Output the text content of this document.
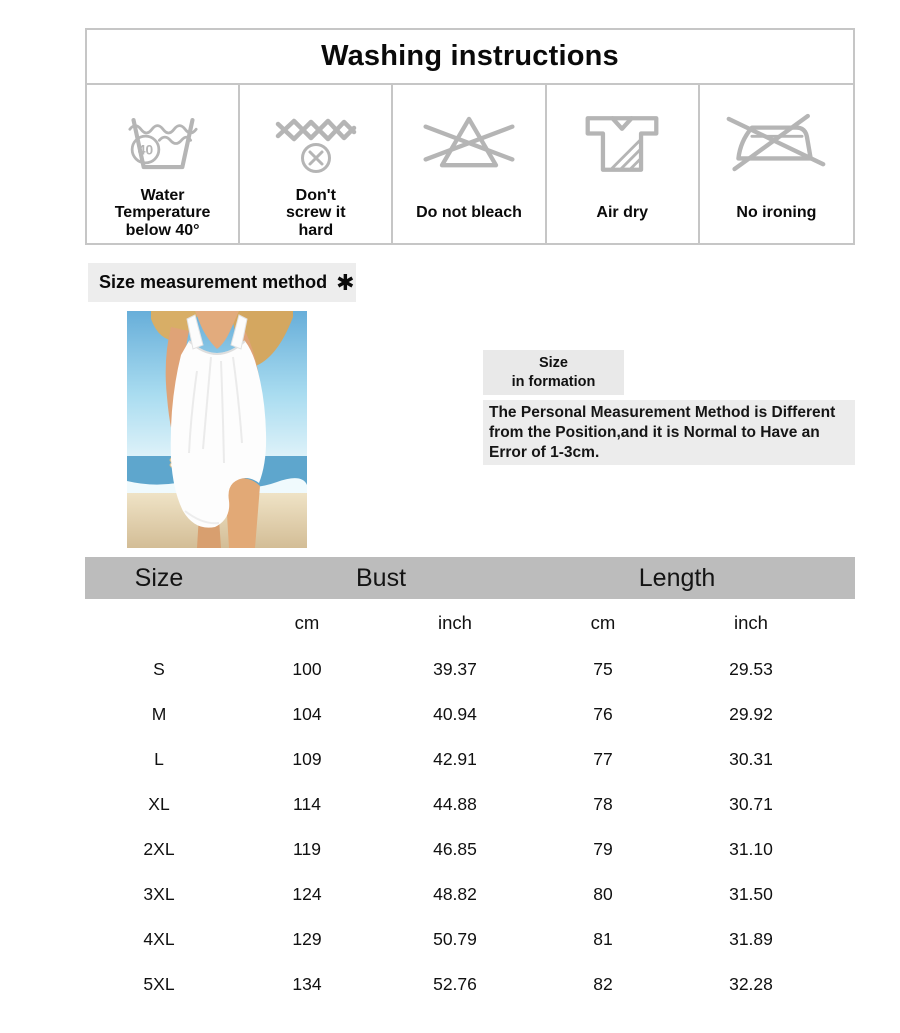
Washing instructions
40
Water
Temperature
below 40°
Don't
screw it
hard
Do not bleach	Air dry	No ironing
Size measurement method ✱
Size
in formation
The Personal Measurement Method is Different from the Position,and it is Normal to Have an Error of 1-3cm.
Size	Bust	Length
cm	inch	cm	inch
S	100	39.37	75	29.53
M	104	40.94	76	29.92
L	109	42.91	77	30.31
XL	114	44.88	78	30.71
2XL	119	46.85	79	31.10
3XL	124	48.82	80	31.50
4XL	129	50.79	81	31.89
5XL	134	52.76	82	32.28
